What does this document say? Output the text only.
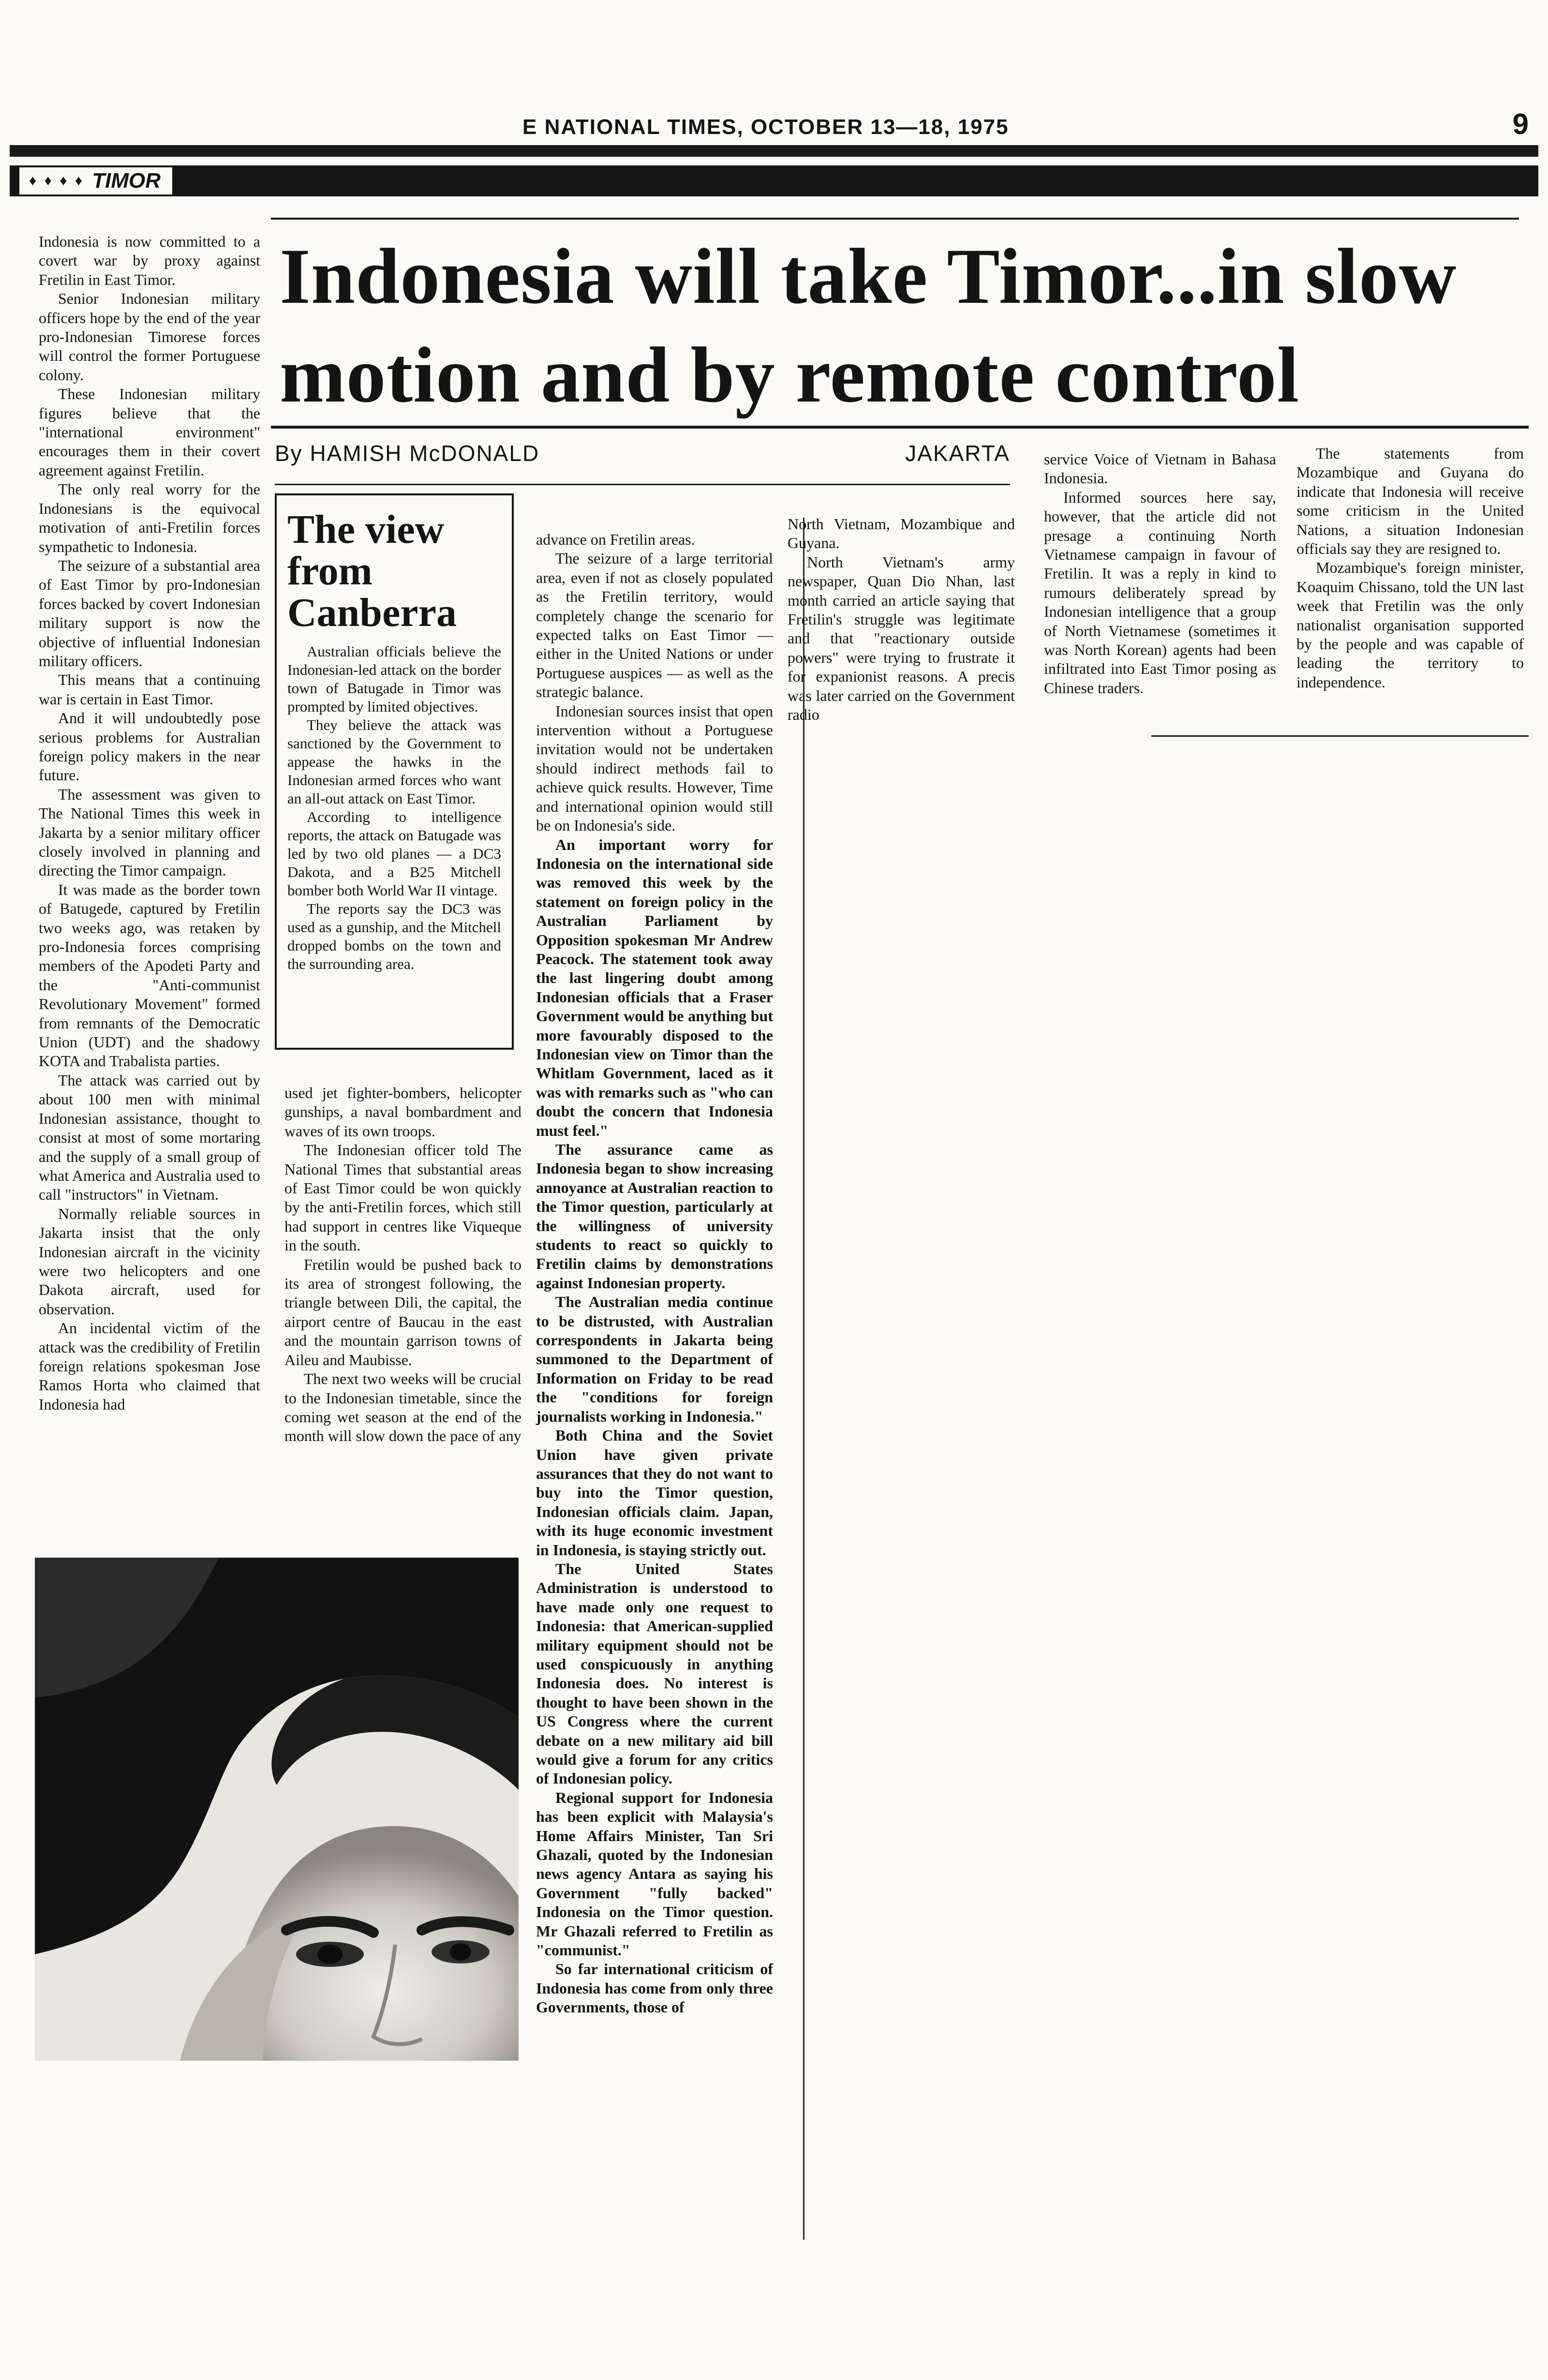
E NATIONAL TIMES, OCTOBER 13—18, 1975	9
♦ ♦ ♦ ♦ TIMOR
Indonesia will take Timor...in slow
motion and by remote control
By HAMISH McDONALD	JAKARTA

Indonesia is now committed to a covert war by proxy against Fretilin in East Timor.

Senior Indonesian military officers hope by the end of the year pro-Indonesian Timorese forces will control the former Portuguese colony.

These Indonesian military figures believe that the "international environment" encourages them in their covert agreement against Fretilin.

The only real worry for the Indonesians is the equivocal motivation of anti-Fretilin forces sympathetic to Indonesia.

The seizure of a substantial area of East Timor by pro-Indonesian forces backed by covert Indonesian military support is now the objective of influential Indonesian military officers.

This means that a continuing war is certain in East Timor.

And it will undoubtedly pose serious problems for Australian foreign policy makers in the near future.

The assessment was given to The National Times this week in Jakarta by a senior military officer closely involved in planning and directing the Timor campaign.

It was made as the border town of Batugede, captured by Fretilin two weeks ago, was retaken by pro-Indonesia forces comprising members of the Apodeti Party and the "Anti-communist Revolutionary Movement" formed from remnants of the Democratic Union (UDT) and the shadowy KOTA and Trabalista parties.

The attack was carried out by about 100 men with minimal Indonesian assistance, thought to consist at most of some mortaring and the supply of a small group of what America and Australia used to call "instructors" in Vietnam.

Normally reliable sources in Jakarta insist that the only Indonesian aircraft in the vicinity were two helicopters and one Dakota aircraft, used for observation.

An incidental victim of the attack was the credibility of Fretilin foreign relations spokesman Jose Ramos Horta who claimed that Indonesia had

The view
from
Canberra

Australian officials believe the Indonesian-led attack on the border town of Batugade in Timor was prompted by limited objectives.

They believe the attack was sanctioned by the Government to appease the hawks in the Indonesian armed forces who want an all-out attack on East Timor.

According to intelligence reports, the attack on Batugade was led by two old planes — a DC3 Dakota, and a B25 Mitchell bomber both World War II vintage.

The reports say the DC3 was used as a gunship, and the Mitchell dropped bombs on the town and the surrounding area.

used jet fighter-bombers, helicopter gunships, a naval bombardment and waves of its own troops.

The Indonesian officer told The National Times that substantial areas of East Timor could be won quickly by the anti-Fretilin forces, which still had support in centres like Viqueque in the south.

Fretilin would be pushed back to its area of strongest following, the triangle between Dili, the capital, the airport centre of Baucau in the east and the mountain garrison towns of Aileu and Maubisse.

The next two weeks will be crucial to the Indonesian timetable, since the coming wet season at the end of the month will slow down the pace of any

advance on Fretilin areas.

The seizure of a large territorial area, even if not as closely populated as the Fretilin territory, would completely change the scenario for expected talks on East Timor — either in the United Nations or under Portuguese auspices — as well as the strategic balance.

Indonesian sources insist that open intervention without a Portuguese invitation would not be undertaken should indirect methods fail to achieve quick results. However, Time and international opinion would still be on Indonesia's side.

An important worry for Indonesia on the international side was removed this week by the statement on foreign policy in the Australian Parliament by Opposition spokesman Mr Andrew Peacock. The statement took away the last lingering doubt among Indonesian officials that a Fraser Government would be anything but more favourably disposed to the Indonesian view on Timor than the Whitlam Government, laced as it was with remarks such as "who can doubt the concern that Indonesia must feel."

The assurance came as Indonesia began to show increasing annoyance at Australian reaction to the Timor question, particularly at the willingness of university students to react so quickly to Fretilin claims by demonstrations against Indonesian property.

The Australian media continue to be distrusted, with Australian correspondents in Jakarta being summoned to the Department of Information on Friday to be read the "conditions for foreign journalists working in Indonesia."

Both China and the Soviet Union have given private assurances that they do not want to buy into the Timor question, Indonesian officials claim. Japan, with its huge economic investment in Indonesia, is staying strictly out.

The United States Administration is understood to have made only one request to Indonesia: that American-supplied military equipment should not be used conspicuously in anything Indonesia does. No interest is thought to have been shown in the US Congress where the current debate on a new military aid bill would give a forum for any critics of Indonesian policy.

Regional support for Indonesia has been explicit with Malaysia's Home Affairs Minister, Tan Sri Ghazali, quoted by the Indonesian news agency Antara as saying his Government "fully backed" Indonesia on the Timor question. Mr Ghazali referred to Fretilin as "communist."

So far international criticism of Indonesia has come from only three Governments, those of

North Vietnam, Mozambique and Guyana.

North Vietnam's army newspaper, Quan Dio Nhan, last month carried an article saying that Fretilin's struggle was legitimate and that "reactionary outside powers" were trying to frustrate it for expanionist reasons. A precis was later carried on the Government radio

service Voice of Vietnam in Bahasa Indonesia.

Informed sources here say, however, that the article did not presage a continuing North Vietnamese campaign in favour of Fretilin. It was a reply in kind to rumours deliberately spread by Indonesian intelligence that a group of North Vietnamese (sometimes it was North Korean) agents had been infiltrated into East Timor posing as Chinese traders.

The statements from Mozambique and Guyana do indicate that Indonesia will receive some criticism in the United Nations, a situation Indonesian officials say they are resigned to.

Mozambique's foreign minister, Koaquim Chissano, told the UN last week that Fretilin was the only nationalist organisation supported by the people and was capable of leading the territory to independence.
